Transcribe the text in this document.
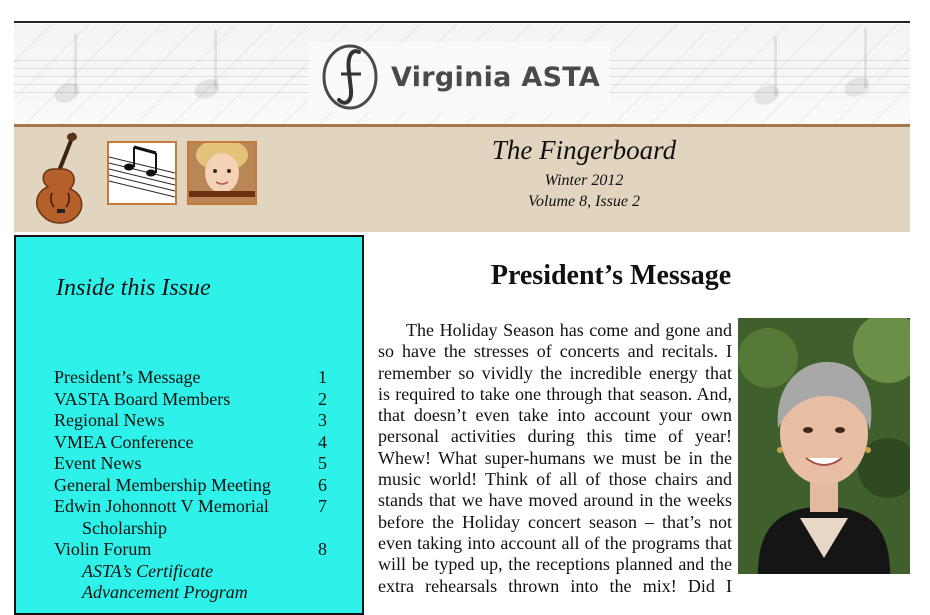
Virginia ASTA
The Fingerboard
Winter 2012
Volume 8, Issue 2
Inside this Issue
President’s Message	1
VASTA Board Members	2
Regional News	3
VMEA Conference	4
Event News	5
General Membership Meeting	6
Edwin Johonnott V Memorial	7
Scholarship
Violin Forum	8
ASTA’s Certificate
Advancement Program
President’s Message
The Holiday Season has come and gone and
so have the stresses of concerts and recitals. I
remember so vividly the incredible energy that
is required to take one through that season. And,
that doesn’t even take into account your own
personal activities during this time of year!
Whew! What super-humans we must be in the
music world! Think of all of those chairs and
stands that we have moved around in the weeks
before the Holiday concert season – that’s not
even taking into account all of the programs that
will be typed up, the receptions planned and the
extra rehearsals thrown into the mix! Did I
